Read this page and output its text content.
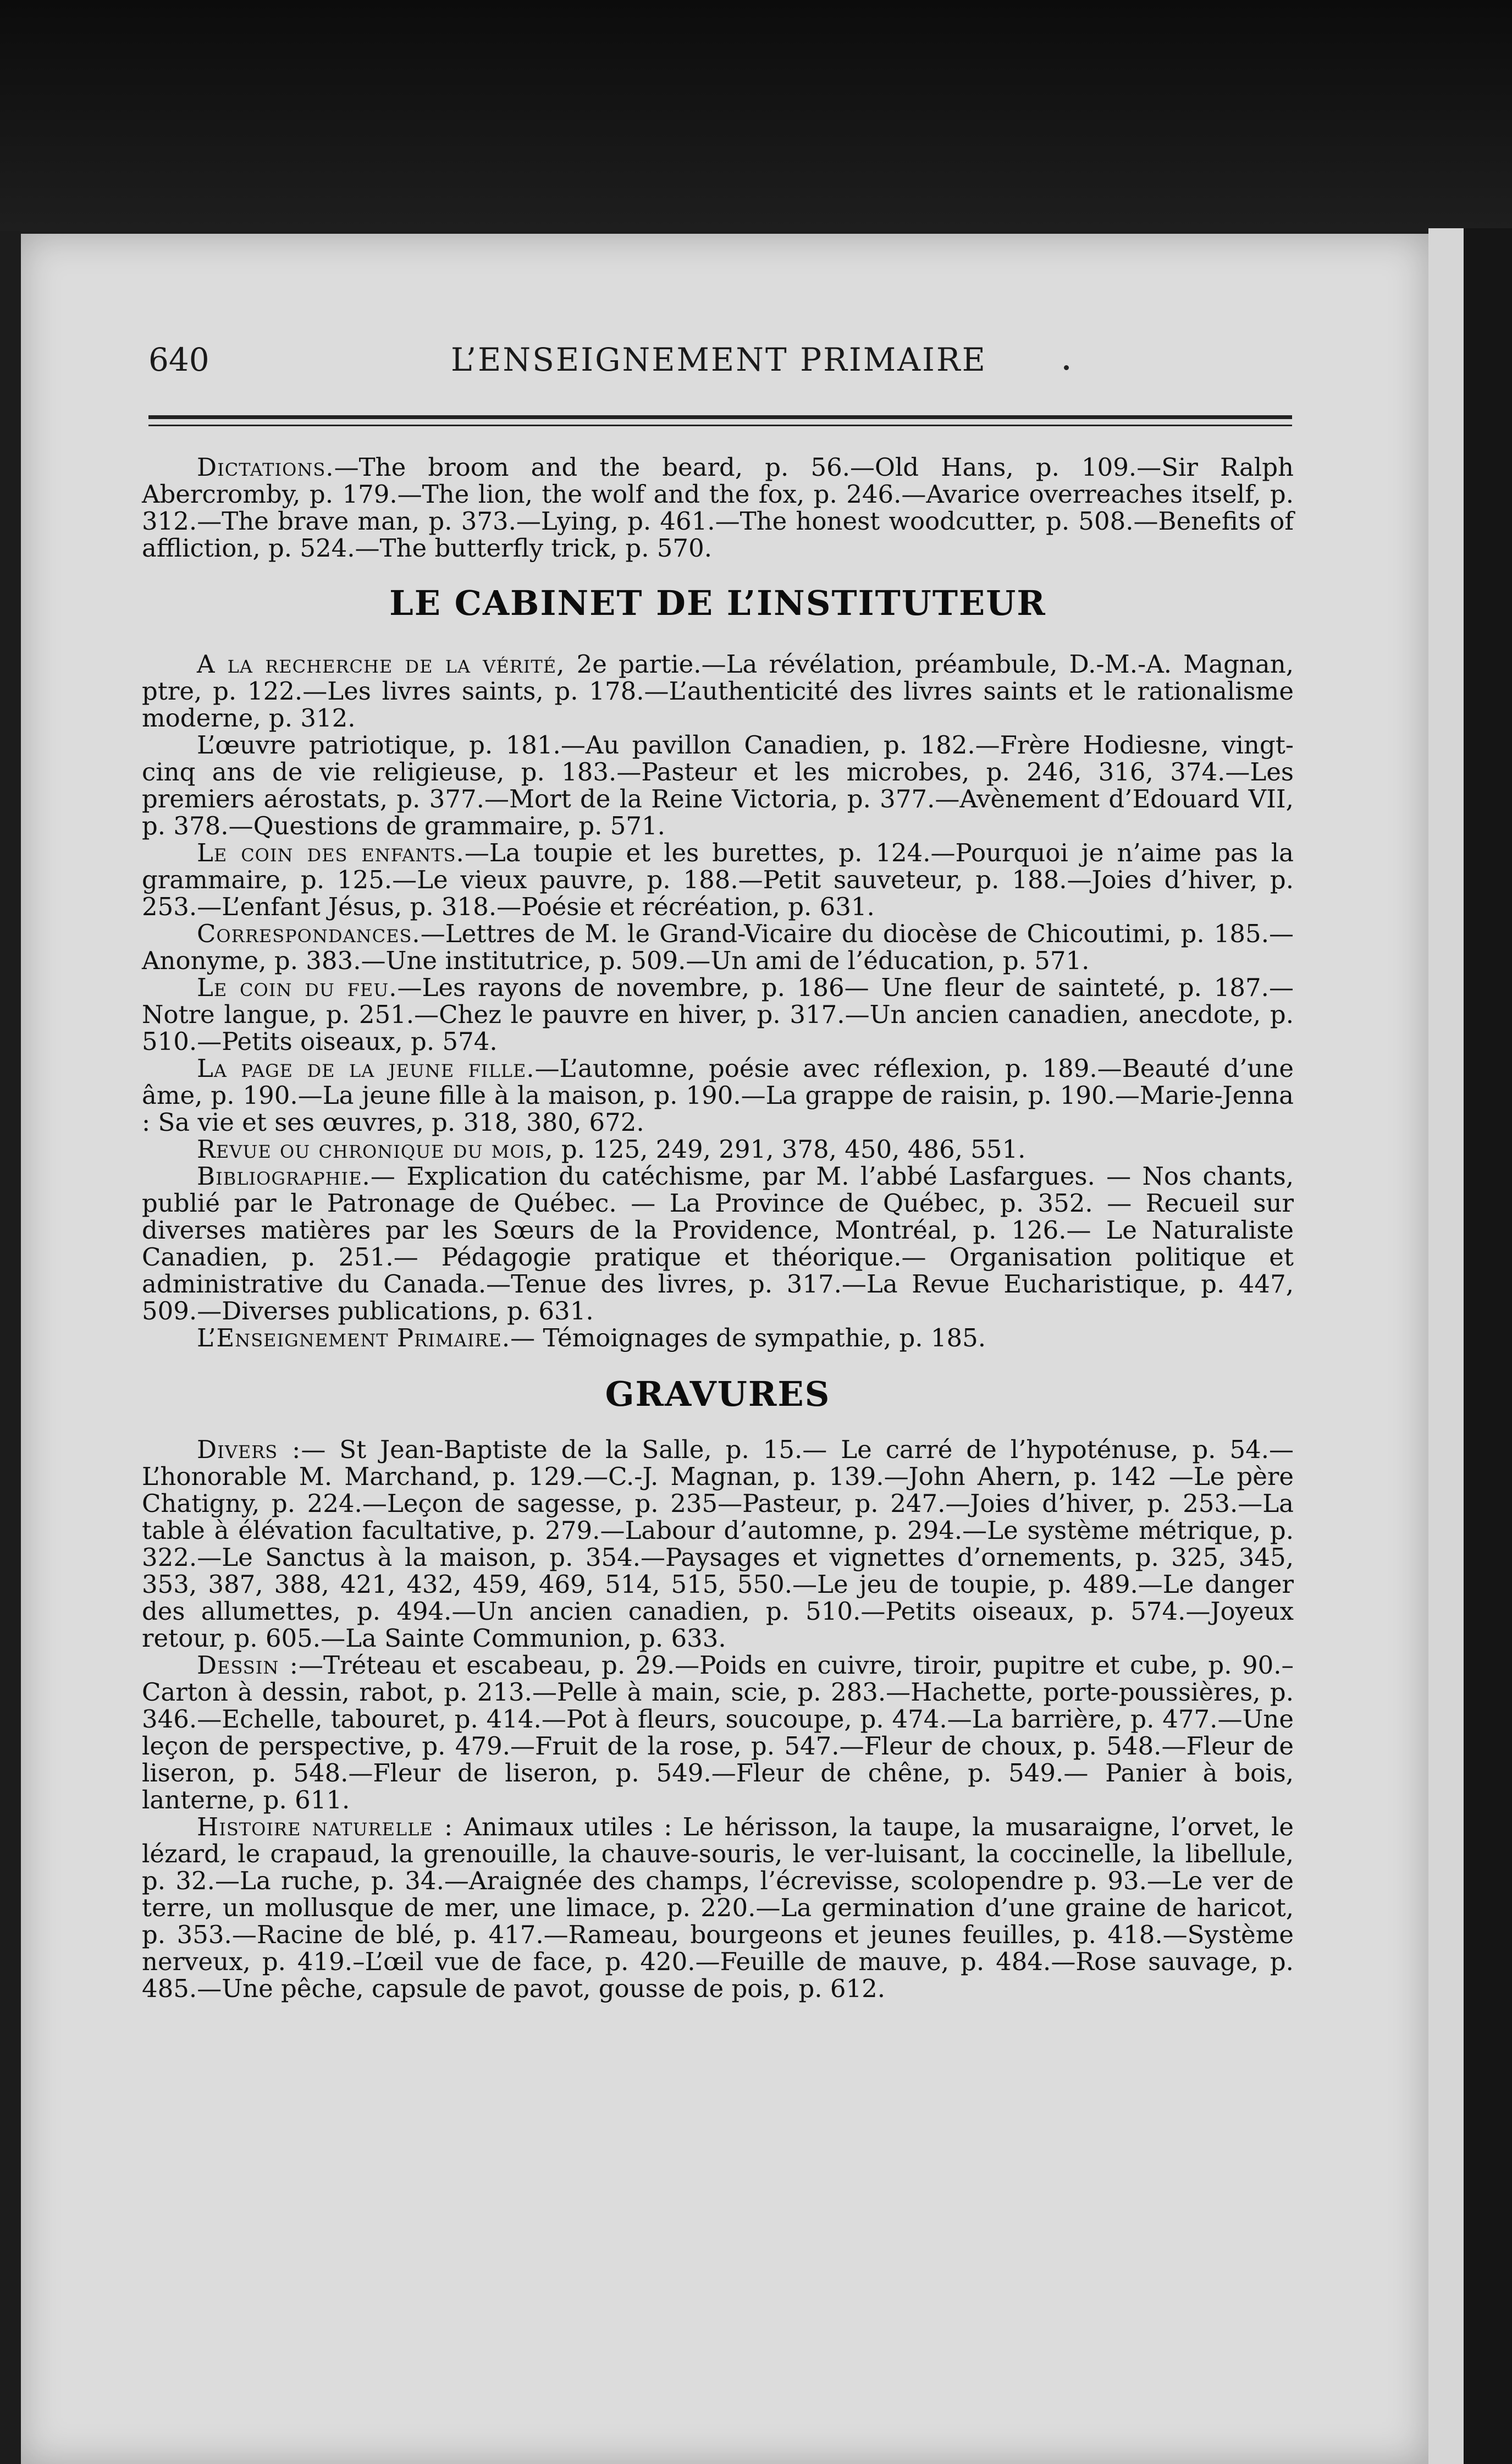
640	L’ENSEIGNEMENT PRIMAIRE

Dictations.—The broom and the beard, p. 56.—Old Hans, p. 109.—Sir Ralph Abercromby, p. 179.—The lion, the wolf and the fox, p. 246.—Avarice overreaches itself, p. 312.—The brave man, p. 373.—Lying, p. 461.—The honest woodcutter, p. 508.—Benefits of affliction, p. 524.—The butterfly trick, p. 570.

LE CABINET DE L’INSTITUTEUR

A la recherche de la vérité, 2e partie.—La révélation, préambule, D.-M.-A. Magnan, ptre, p. 122.—Les livres saints, p. 178.—L’authenticité des livres saints et le rationalisme moderne, p. 312.

L’œuvre patriotique, p. 181.—Au pavillon Canadien, p. 182.—Frère Hodiesne, vingt-cinq ans de vie religieuse, p. 183.—Pasteur et les microbes, p. 246, 316, 374.—Les premiers aérostats, p. 377.—Mort de la Reine Victoria, p. 377.—Avènement d’Edouard VII, p. 378.—Questions de grammaire, p. 571.

Le coin des enfants.—La toupie et les burettes, p. 124.—Pourquoi je n’aime pas la grammaire, p. 125.—Le vieux pauvre, p. 188.—Petit sauveteur, p. 188.—Joies d’hiver, p. 253.—L’enfant Jésus, p. 318.—Poésie et récréation, p. 631.

Correspondances.—Lettres de M. le Grand-Vicaire du diocèse de Chicoutimi, p. 185.—Anonyme, p. 383.—Une institutrice, p. 509.—Un ami de l’éducation, p. 571.

Le coin du feu.—Les rayons de novembre, p. 186— Une fleur de sainteté, p. 187.—Notre langue, p. 251.—Chez le pauvre en hiver, p. 317.—Un ancien canadien, anecdote, p. 510.—Petits oiseaux, p. 574.

La page de la jeune fille.—L’automne, poésie avec réflexion, p. 189.—Beauté d’une âme, p. 190.—La jeune fille à la maison, p. 190.—La grappe de raisin, p. 190.—Marie-Jenna : Sa vie et ses œuvres, p. 318, 380, 672.

Revue ou chronique du mois, p. 125, 249, 291, 378, 450, 486, 551.

Bibliographie.— Explication du catéchisme, par M. l’abbé Lasfargues. — Nos chants, publié par le Patronage de Québec. — La Province de Québec, p. 352. — Recueil sur diverses matières par les Sœurs de la Providence, Montréal, p. 126.— Le Naturaliste Canadien, p. 251.— Pédagogie pratique et théorique.— Organisation politique et administrative du Canada.—Tenue des livres, p. 317.—La Revue Eucharistique, p. 447, 509.—Diverses publications, p. 631.

L’Enseignement Primaire.— Témoignages de sympathie, p. 185.

GRAVURES

Divers :— St Jean-Baptiste de la Salle, p. 15.— Le carré de l’hypoténuse, p. 54.— L’honorable M. Marchand, p. 129.—C.-J. Magnan, p. 139.—John Ahern, p. 142 —Le père Chatigny, p. 224.—Leçon de sagesse, p. 235—Pasteur, p. 247.—Joies d’hiver, p. 253.—La table à élévation facultative, p. 279.—Labour d’automne, p. 294.—Le système métrique, p. 322.—Le Sanctus à la maison, p. 354.—Paysages et vignettes d’ornements, p. 325, 345, 353, 387, 388, 421, 432, 459, 469, 514, 515, 550.—Le jeu de toupie, p. 489.—Le danger des allumettes, p. 494.—Un ancien canadien, p. 510.—Petits oiseaux, p. 574.—Joyeux retour, p. 605.—La Sainte Communion, p. 633.

Dessin :—Tréteau et escabeau, p. 29.—Poids en cuivre, tiroir, pupitre et cube, p. 90.– Carton à dessin, rabot, p. 213.—Pelle à main, scie, p. 283.—Hachette, porte-poussières, p. 346.—Echelle, tabouret, p. 414.—Pot à fleurs, soucoupe, p. 474.—La barrière, p. 477.—Une leçon de perspective, p. 479.—Fruit de la rose, p. 547.—Fleur de choux, p. 548.—Fleur de liseron, p. 548.—Fleur de liseron, p. 549.—Fleur de chêne, p. 549.— Panier à bois, lanterne, p. 611.

Histoire naturelle : Animaux utiles : Le hérisson, la taupe, la musaraigne, l’orvet, le lézard, le crapaud, la grenouille, la chauve-souris, le ver-luisant, la coccinelle, la libellule, p. 32.—La ruche, p. 34.—Araignée des champs, l’écrevisse, scolopendre p. 93.—Le ver de terre, un mollusque de mer, une limace, p. 220.—La germination d’une graine de haricot, p. 353.—Racine de blé, p. 417.—Rameau, bourgeons et jeunes feuilles, p. 418.—Système nerveux, p. 419.–L’œil vue de face, p. 420.—Feuille de mauve, p. 484.—Rose sauvage, p. 485.—Une pêche, capsule de pavot, gousse de pois, p. 612.
